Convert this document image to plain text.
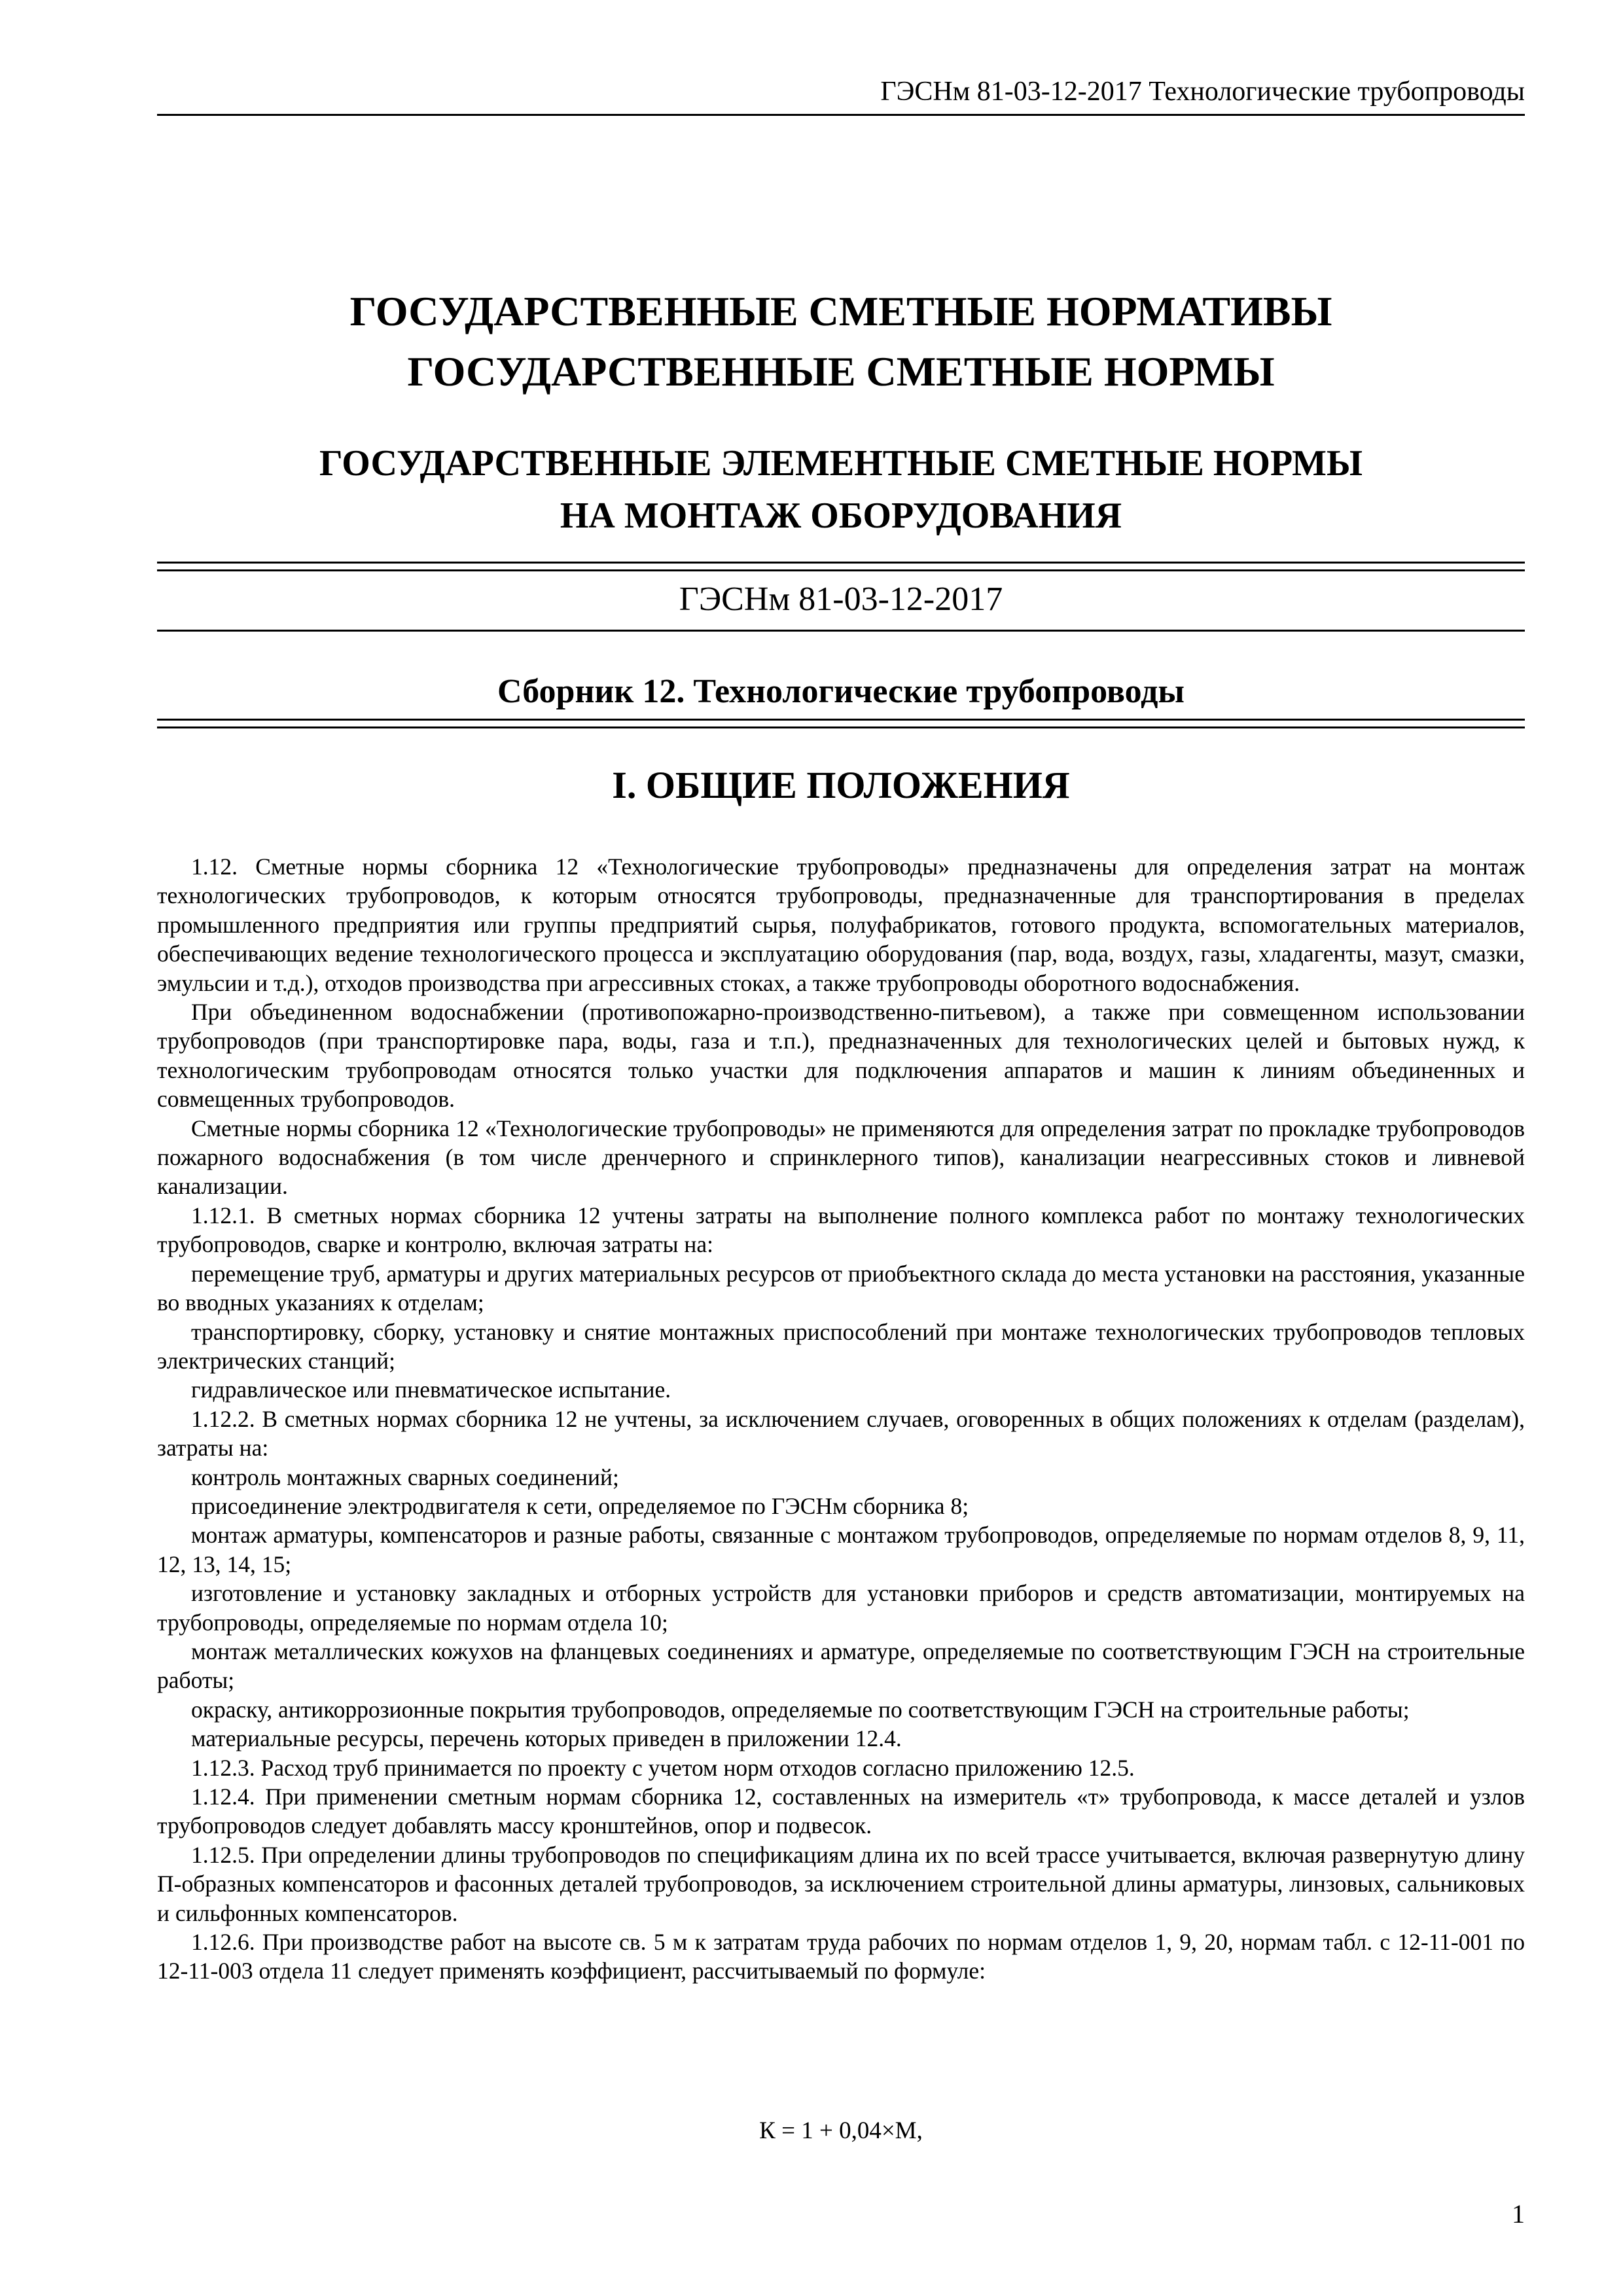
ГЭСНм 81-03-12-2017 Технологические трубопроводы
ГОСУДАРСТВЕННЫЕ СМЕТНЫЕ НОРМАТИВЫ
ГОСУДАРСТВЕННЫЕ СМЕТНЫЕ НОРМЫ
ГОСУДАРСТВЕННЫЕ ЭЛЕМЕНТНЫЕ СМЕТНЫЕ НОРМЫ
НА МОНТАЖ ОБОРУДОВАНИЯ
ГЭСНм 81-03-12-2017
Сборник 12. Технологические трубопроводы
I. ОБЩИЕ ПОЛОЖЕНИЯ

1.12. Сметные нормы сборника 12 «Технологические трубопроводы» предназначены для определения затрат на монтаж технологических трубопроводов, к которым относятся трубопроводы, предназначенные для транспортирования в пределах промышленного предприятия или группы предприятий сырья, полуфабрикатов, готового продукта, вспомогательных материалов, обеспечивающих ведение технологического процесса и эксплуатацию оборудования (пар, вода, воздух, газы, хладагенты, мазут, смазки, эмульсии и т.д.), отходов производства при агрессивных стоках, а также трубопроводы оборотного водоснабжения.

При объединенном водоснабжении (противопожарно-производственно-питьевом), а также при совмещенном использовании трубопроводов (при транспортировке пара, воды, газа и т.п.), предназначенных для технологических целей и бытовых нужд, к технологическим трубопроводам относятся только участки для подключения аппаратов и машин к линиям объединенных и совмещенных трубопроводов.

Сметные нормы сборника 12 «Технологические трубопроводы» не применяются для определения затрат по прокладке трубопроводов пожарного водоснабжения (в том числе дренчерного и спринклерного типов), канализации неагрессивных стоков и ливневой канализации.

1.12.1. В сметных нормах сборника 12 учтены затраты на выполнение полного комплекса работ по монтажу технологических трубопроводов, сварке и контролю, включая затраты на:

перемещение труб, арматуры и других материальных ресурсов от приобъектного склада до места установки на расстояния, указанные во вводных указаниях к отделам;

транспортировку, сборку, установку и снятие монтажных приспособлений при монтаже технологических трубопроводов тепловых электрических станций;

гидравлическое или пневматическое испытание.

1.12.2. В сметных нормах сборника 12 не учтены, за исключением случаев, оговоренных в общих положениях к отделам (разделам), затраты на:

контроль монтажных сварных соединений;

присоединение электродвигателя к сети, определяемое по ГЭСНм сборника 8;

монтаж арматуры, компенсаторов и разные работы, связанные с монтажом трубопроводов, определяемые по нормам отделов 8, 9, 11, 12, 13, 14, 15;

изготовление и установку закладных и отборных устройств для установки приборов и средств автоматизации, монтируемых на трубопроводы, определяемые по нормам отдела 10;

монтаж металлических кожухов на фланцевых соединениях и арматуре, определяемые по соответствующим ГЭСН на строительные работы;

окраску, антикоррозионные покрытия трубопроводов, определяемые по соответствующим ГЭСН на строительные работы;

материальные ресурсы, перечень которых приведен в приложении 12.4.

1.12.3. Расход труб принимается по проекту с учетом норм отходов согласно приложению 12.5.

1.12.4. При применении сметным нормам сборника 12, составленных на измеритель «т» трубопровода, к массе деталей и узлов трубопроводов следует добавлять массу кронштейнов, опор и подвесок.

1.12.5. При определении длины трубопроводов по спецификациям длина их по всей трассе учитывается, включая развернутую длину П-образных компенсаторов и фасонных деталей трубопроводов, за исключением строительной длины арматуры, линзовых, сальниковых и сильфонных компенсаторов.

1.12.6. При производстве работ на высоте св. 5 м к затратам труда рабочих по нормам отделов 1, 9, 20, нормам табл. с 12-11-001 по 12-11-003 отдела 11 следует применять коэффициент, рассчитываемый по формуле:

К = 1 + 0,04×М,
1
